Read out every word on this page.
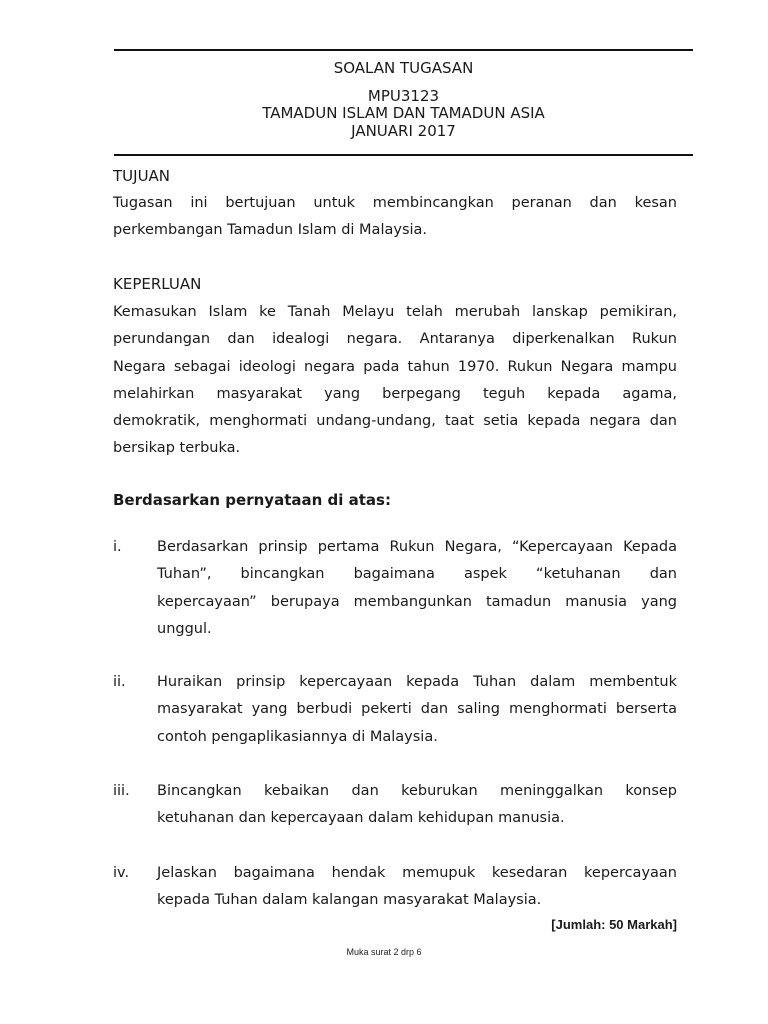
SOALAN TUGASAN
MPU3123
TAMADUN ISLAM DAN TAMADUN ASIA
JANUARI 2017
TUJUAN
Tugasan ini bertujuan untuk membincangkan peranan dan kesan
perkembangan Tamadun Islam di Malaysia.
KEPERLUAN
Kemasukan Islam ke Tanah Melayu telah merubah lanskap pemikiran,
perundangan dan idealogi negara. Antaranya diperkenalkan Rukun
Negara sebagai ideologi negara pada tahun 1970. Rukun Negara mampu
melahirkan masyarakat yang berpegang teguh kepada agama,
demokratik, menghormati undang-undang, taat setia kepada negara dan
bersikap terbuka.
Berdasarkan pernyataan di atas:
i. Berdasarkan prinsip pertama Rukun Negara, “Kepercayaan Kepada
Tuhan”, bincangkan bagaimana aspek “ketuhanan dan
kepercayaan” berupaya membangunkan tamadun manusia yang
unggul.
ii. Huraikan prinsip kepercayaan kepada Tuhan dalam membentuk
masyarakat yang berbudi pekerti dan saling menghormati berserta
contoh pengaplikasiannya di Malaysia.
iii. Bincangkan kebaikan dan keburukan meninggalkan konsep
ketuhanan dan kepercayaan dalam kehidupan manusia.
iv. Jelaskan bagaimana hendak memupuk kesedaran kepercayaan
kepada Tuhan dalam kalangan masyarakat Malaysia.
[Jumlah: 50 Markah]
Muka surat 2 drp 6
